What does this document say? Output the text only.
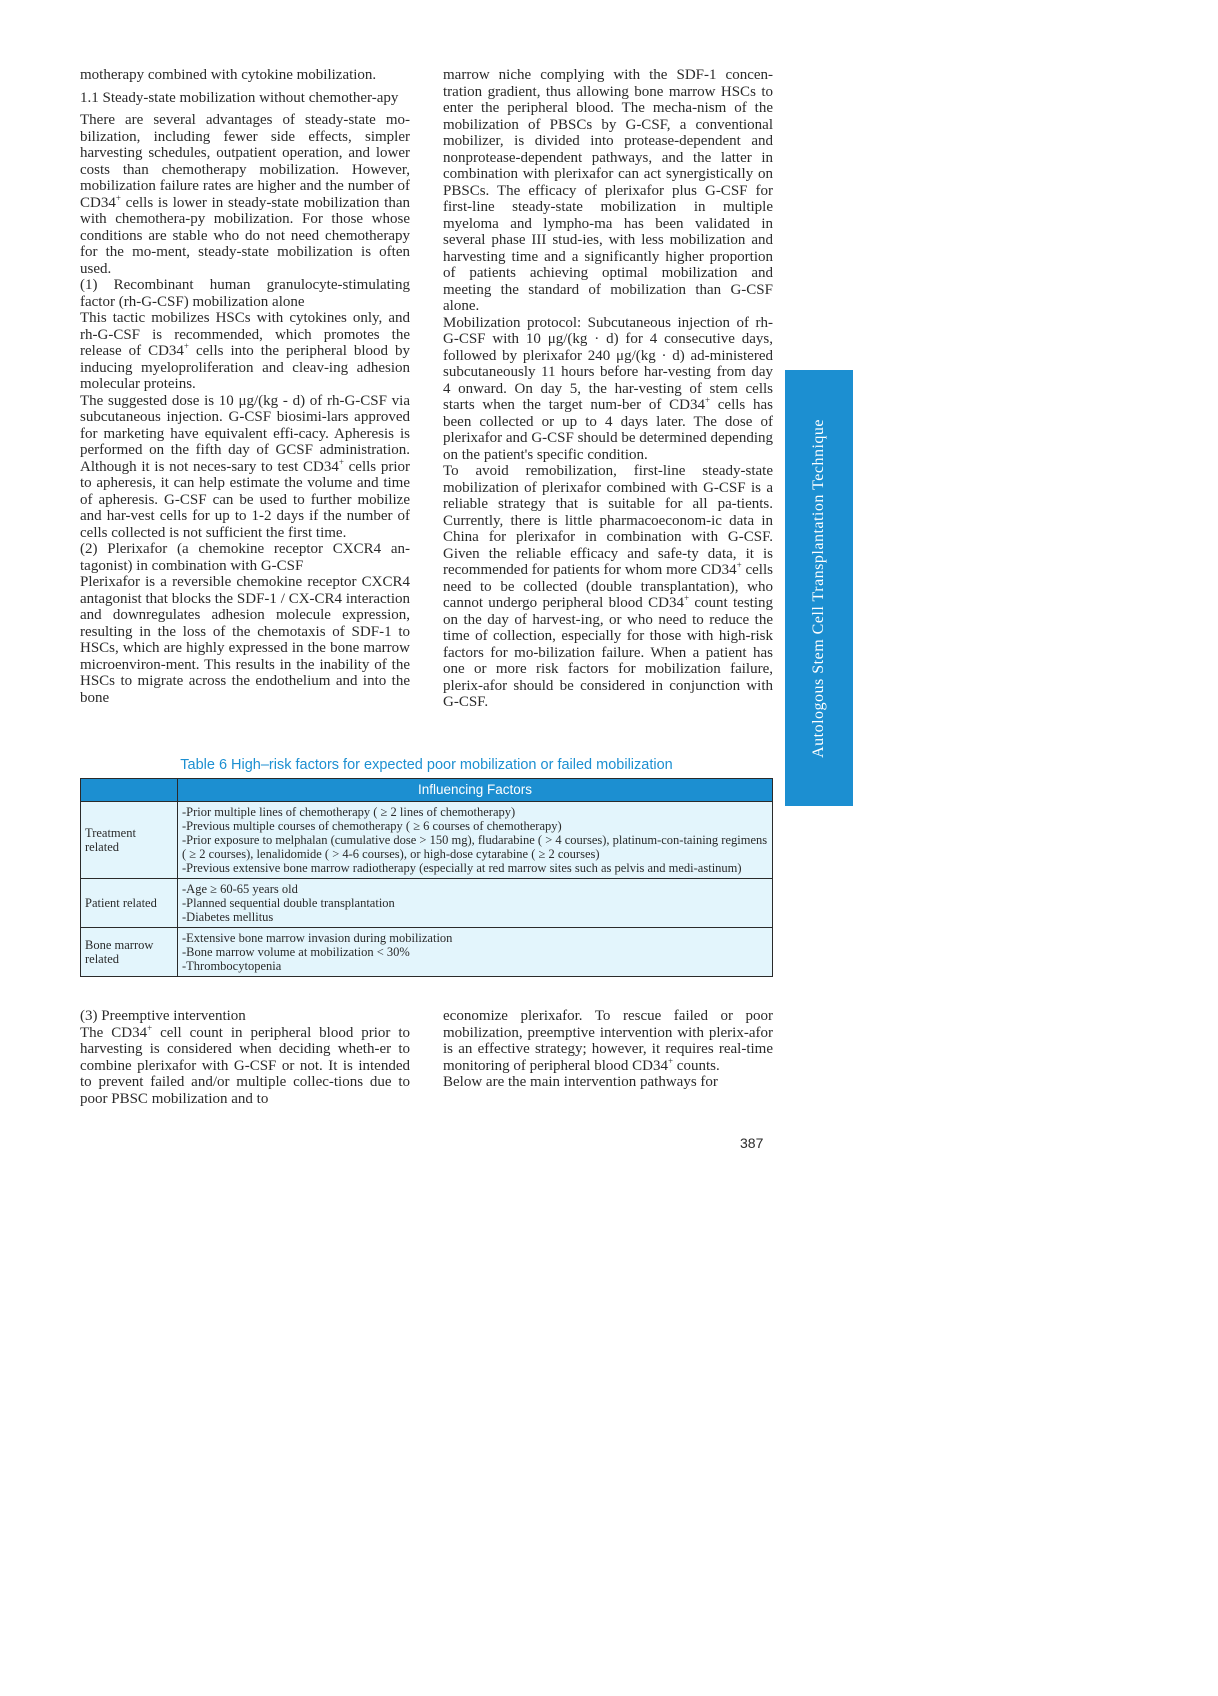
motherapy combined with cytokine mobilization.

1.1 Steady-state mobilization without chemother-apy

There are several advantages of steady-state mo-bilization, including fewer side effects, simpler harvesting schedules, outpatient operation, and lower costs than chemotherapy mobilization. However, mobilization failure rates are higher and the number of CD34+ cells is lower in steady-state mobilization than with chemothera-py mobilization. For those whose conditions are stable who do not need chemotherapy for the mo-ment, steady-state mobilization is often used.

(1) Recombinant human granulocyte-stimulating factor (rh-G-CSF) mobilization alone

This tactic mobilizes HSCs with cytokines only, and rh-G-CSF is recommended, which promotes the release of CD34+ cells into the peripheral blood by inducing myeloproliferation and cleav-ing adhesion molecular proteins.

The suggested dose is 10 μg/(kg - d) of rh-G-CSF via subcutaneous injection. G-CSF biosimi-lars approved for marketing have equivalent effi-cacy. Apheresis is performed on the fifth day of GCSF administration. Although it is not neces-sary to test CD34+ cells prior to apheresis, it can help estimate the volume and time of apheresis. G-CSF can be used to further mobilize and har-vest cells for up to 1-2 days if the number of cells collected is not sufficient the first time.

(2) Plerixafor (a chemokine receptor CXCR4 an-tagonist) in combination with G-CSF

Plerixafor is a reversible chemokine receptor CXCR4 antagonist that blocks the SDF-1 / CX-CR4 interaction and downregulates adhesion molecule expression, resulting in the loss of the chemotaxis of SDF-1 to HSCs, which are highly expressed in the bone marrow microenviron-ment. This results in the inability of the HSCs to migrate across the endothelium and into the bone

marrow niche complying with the SDF-1 concen-tration gradient, thus allowing bone marrow HSCs to enter the peripheral blood. The mecha-nism of the mobilization of PBSCs by G-CSF, a conventional mobilizer, is divided into protease-dependent and nonprotease-dependent pathways, and the latter in combination with plerixafor can act synergistically on PBSCs. The efficacy of plerixafor plus G-CSF for first-line steady-state mobilization in multiple myeloma and lympho-ma has been validated in several phase III stud-ies, with less mobilization and harvesting time and a significantly higher proportion of patients achieving optimal mobilization and meeting the standard of mobilization than G-CSF alone.

Mobilization protocol: Subcutaneous injection of rh-G-CSF with 10 μg/(kg · d) for 4 consecutive days, followed by plerixafor 240 μg/(kg · d) ad-ministered subcutaneously 11 hours before har-vesting from day 4 onward. On day 5, the har-vesting of stem cells starts when the target num-ber of CD34+ cells has been collected or up to 4 days later. The dose of plerixafor and G-CSF should be determined depending on the patient's specific condition.

To avoid remobilization, first-line steady-state mobilization of plerixafor combined with G-CSF is a reliable strategy that is suitable for all pa-tients. Currently, there is little pharmacoeconom-ic data in China for plerixafor in combination with G-CSF. Given the reliable efficacy and safe-ty data, it is recommended for patients for whom more CD34+ cells need to be collected (double transplantation), who cannot undergo peripheral blood CD34+ count testing on the day of harvest-ing, or who need to reduce the time of collection, especially for those with high-risk factors for mo-bilization failure. When a patient has one or more risk factors for mobilization failure, plerix-afor should be considered in conjunction with G-CSF.	Autologous Stem Cell Transplantation Technique
Table 6 High–risk factors for expected poor mobilization or failed mobilization
	Influencing Factors
Treatment related	-Prior multiple lines of chemotherapy ( ≥ 2 lines of chemotherapy)
-Previous multiple courses of chemotherapy ( ≥ 6 courses of chemotherapy)
-Prior exposure to melphalan (cumulative dose > 150 mg), fludarabine ( > 4 courses), platinum-con-taining regimens ( ≥ 2 courses), lenalidomide ( > 4-6 courses), or high-dose cytarabine ( ≥ 2 courses)
-Previous extensive bone marrow radiotherapy (especially at red marrow sites such as pelvis and medi-astinum)

Patient related	-Age ≥ 60-65 years old
-Planned sequential double transplantation
-Diabetes mellitus

Bone marrow related	-Extensive bone marrow invasion during mobilization
-Bone marrow volume at mobilization < 30%
-Thrombocytopenia

(3) Preemptive intervention

The CD34+ cell count in peripheral blood prior to harvesting is considered when deciding wheth-er to combine plerixafor with G-CSF or not. It is intended to prevent failed and/or multiple collec-tions due to poor PBSC mobilization and to

economize plerixafor. To rescue failed or poor mobilization, preemptive intervention with plerix-afor is an effective strategy; however, it requires real-time monitoring of peripheral blood CD34+ counts.

Below are the main intervention pathways for

387
